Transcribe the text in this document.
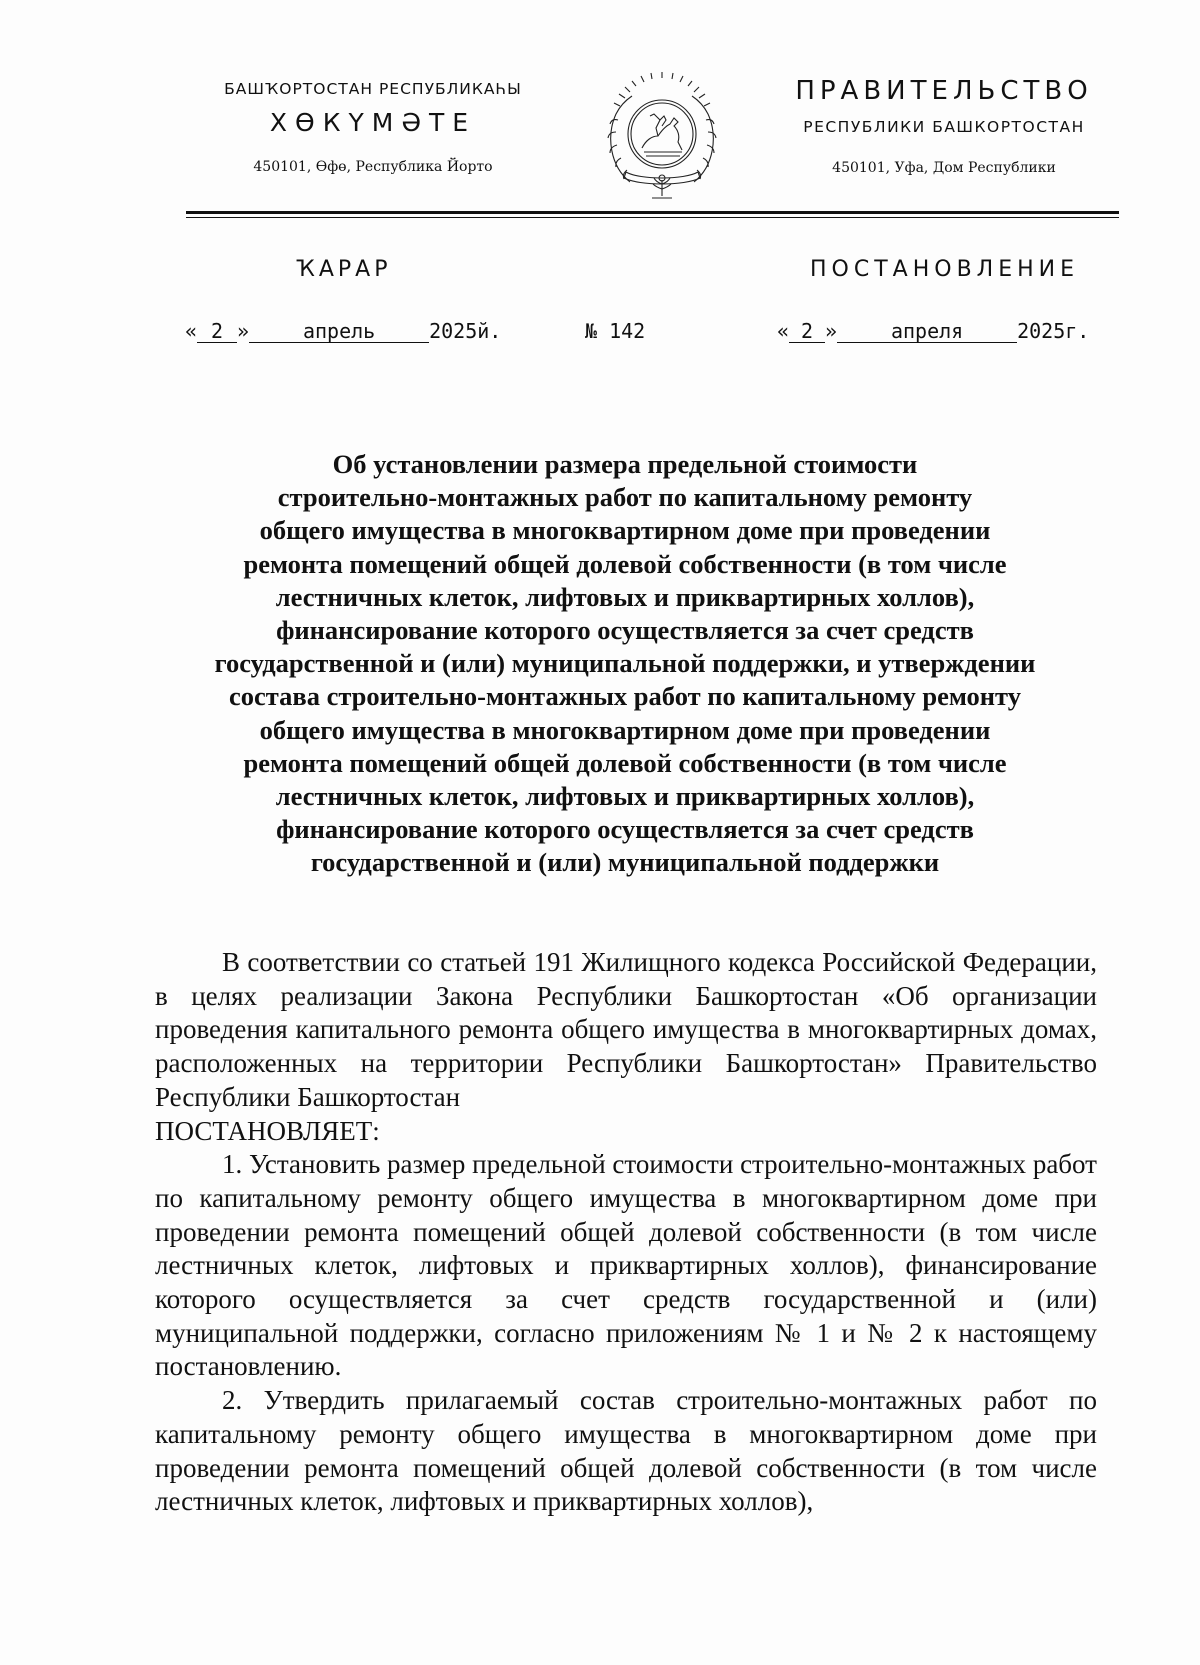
БАШҠОРТОСТАН РЕСПУБЛИКАҺЫ
ХӨКҮМӘТЕ
450101, Өфө, Республика Йорто
ПРАВИТЕЛЬСТВО
РЕСПУБЛИКИ БАШКОРТОСТАН
450101, Уфа, Дом Республики
ҠАРАР	ПОСТАНОВЛЕНИЕ
« 2 »	апрель	2025й.	№ 142	« 2 »	апреля	2025г.
Об установлении размера предельной стоимости
строительно-монтажных работ по капитальному ремонту
общего имущества в многоквартирном доме при проведении
ремонта помещений общей долевой собственности (в том числе
лестничных клеток, лифтовых и приквартирных холлов),
финансирование которого осуществляется за счет средств
государственной и (или) муниципальной поддержки, и утверждении
состава строительно-монтажных работ по капитальному ремонту
общего имущества в многоквартирном доме при проведении
ремонта помещений общей долевой собственности (в том числе
лестничных клеток, лифтовых и приквартирных холлов),
финансирование которого осуществляется за счет средств
государственной и (или) муниципальной поддержки

В соответствии со статьей 191 Жилищного кодекса Российской Федерации, в целях реализации Закона Республики Башкортостан «Об организации проведения капитального ремонта общего имущества в многоквартирных домах, расположенных на территории Республики Башкортостан» Правительство Республики Башкортостан

ПОСТАНОВЛЯЕТ:

1. Установить размер предельной стоимости строительно-монтажных работ по капитальному ремонту общего имущества в многоквартирном доме при проведении ремонта помещений общей долевой собственности (в том числе лестничных клеток, лифтовых и приквартирных холлов), финансирование которого осуществляется за счет средств государственной и (или) муниципальной поддержки, согласно приложениям № 1 и № 2 к настоящему постановлению.

2. Утвердить прилагаемый состав строительно-монтажных работ по капитальному ремонту общего имущества в многоквартирном доме при проведении ремонта помещений общей долевой собственности (в том числе лестничных клеток, лифтовых и приквартирных холлов),
